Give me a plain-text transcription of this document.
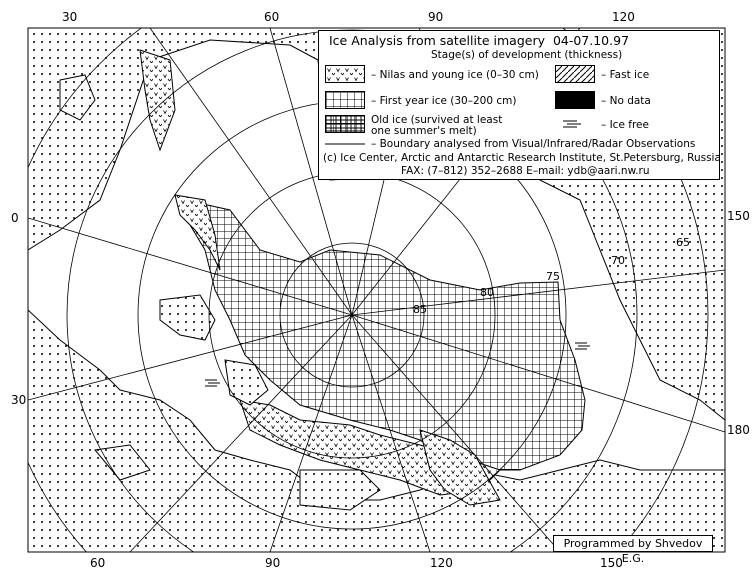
30	60	90	120
60	90	120	150
0
30
150
180
85
80
75
70
65
Ice Analysis from satellite imagery 04-07.10.97
Stage(s) of development (thickness)
– Nilas and young ice (0–30 cm)	– Fast ice
– First year ice (30–200 cm)	– No data
Old ice (survived at least
one summer's melt)	– Ice free
– Boundary analysed from Visual/Infrared/Radar Observations
(c) Ice Center, Arctic and Antarctic Research Institute, St.Petersburg, Russia
FAX: (7–812) 352–2688 E–mail: ydb@aari.nw.ru
Programmed by Shvedov E.G.
